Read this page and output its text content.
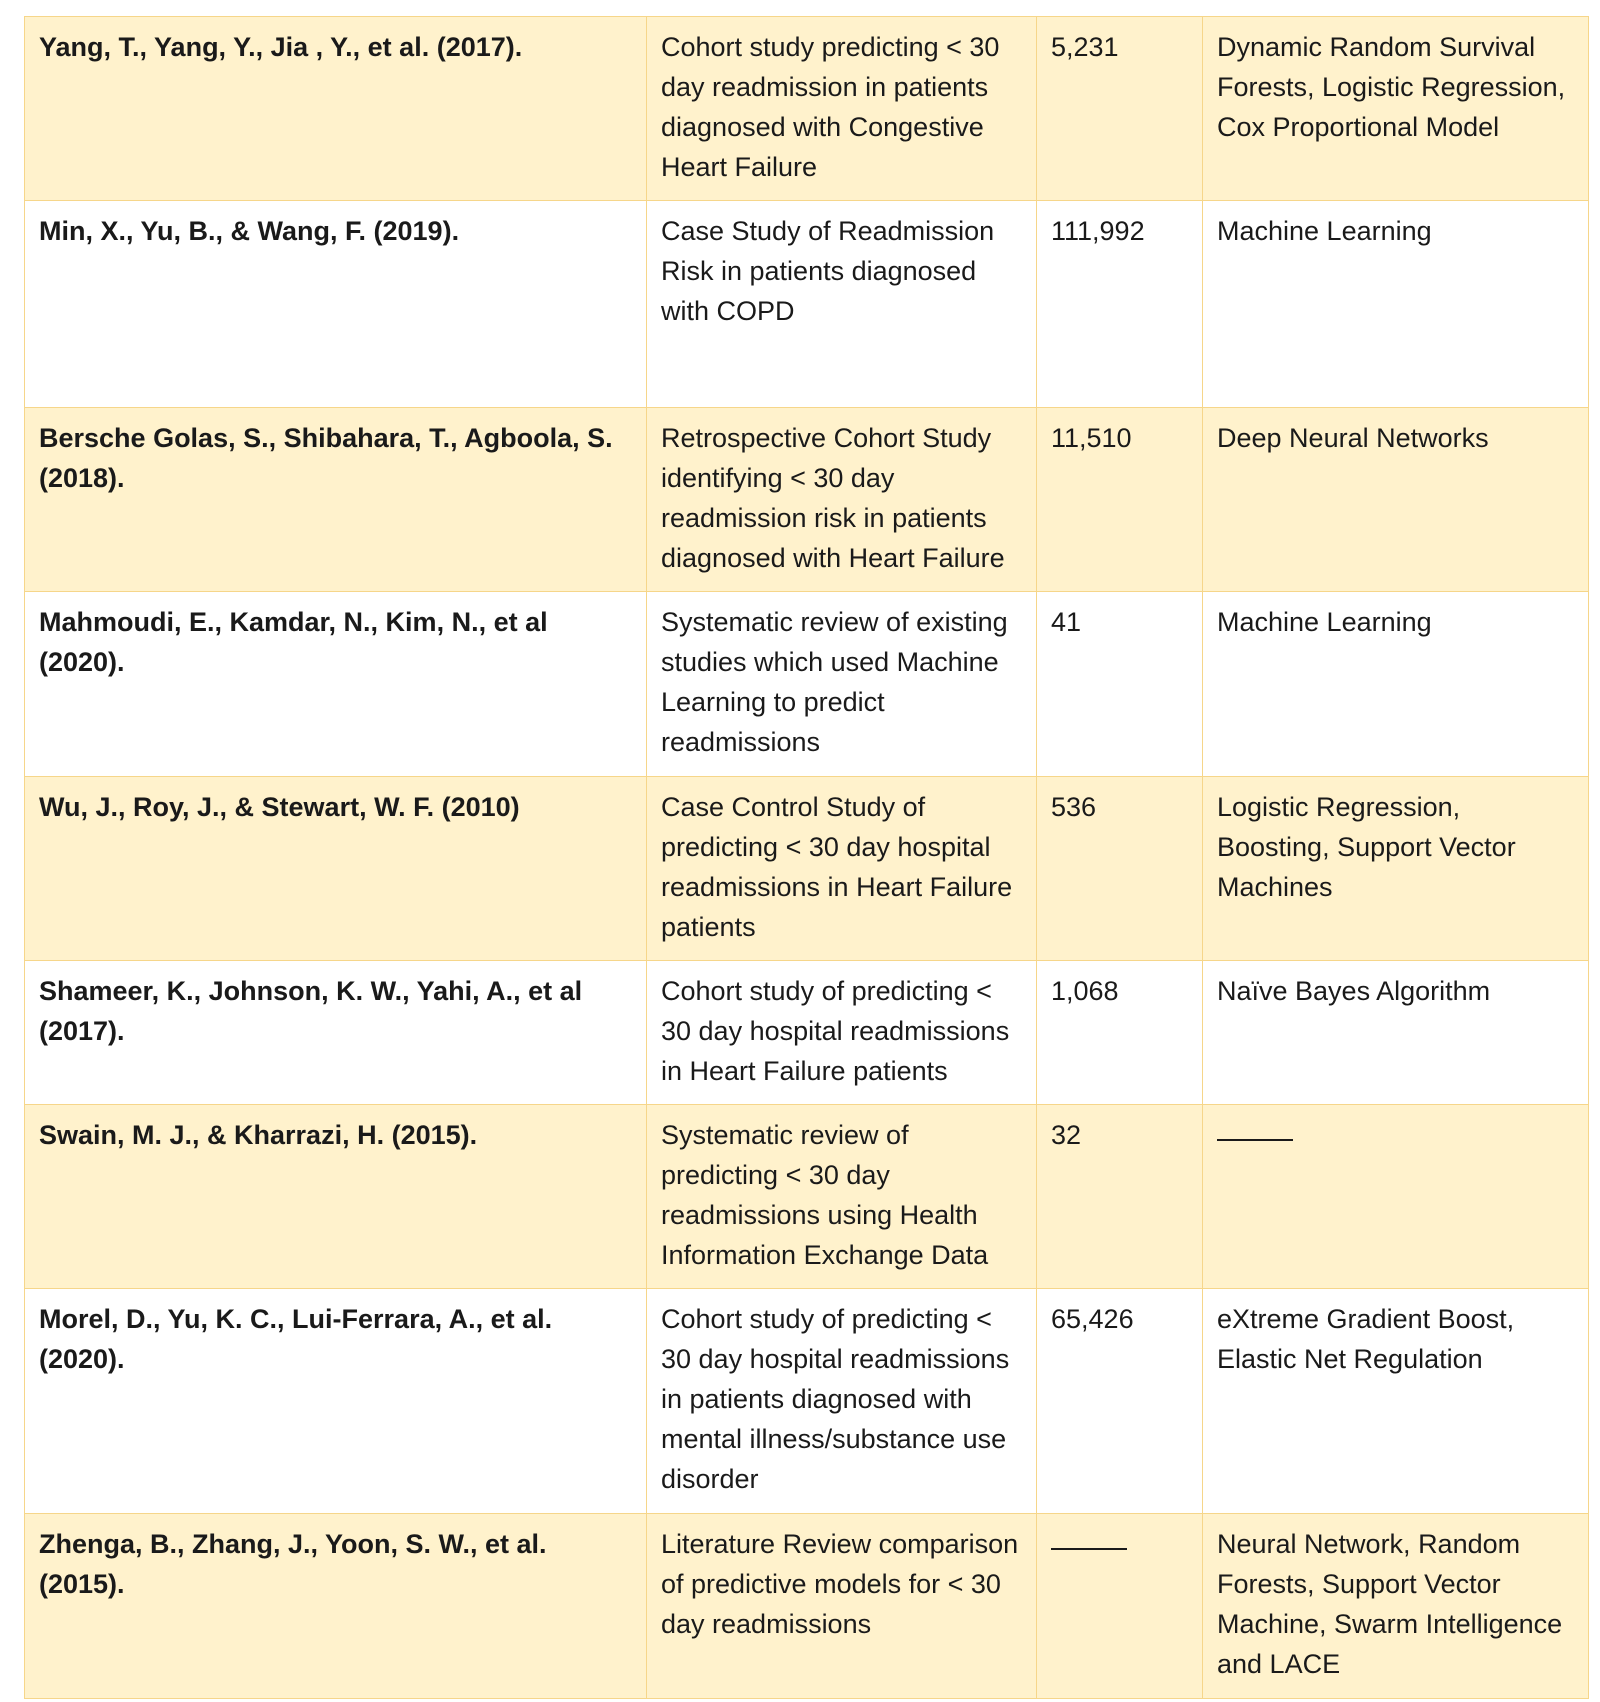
Yang, T., Yang, Y., Jia , Y., et al. (2017).	Cohort study predicting < 30 day readmission in patients diagnosed with Congestive Heart Failure	5,231	Dynamic Random Survival Forests, Logistic Regression, Cox Proportional Model
Min, X., Yu, B., & Wang, F. (2019).	Case Study of Readmission Risk in patients diagnosed with COPD	111,992	Machine Learning
Bersche Golas, S., Shibahara, T., Agboola, S. (2018).	Retrospective Cohort Study identifying < 30 day readmission risk in patients diagnosed with Heart Failure	11,510	Deep Neural Networks
Mahmoudi, E., Kamdar, N., Kim, N., et al (2020).	Systematic review of existing studies which used Machine Learning to predict readmissions	41	Machine Learning
Wu, J., Roy, J., & Stewart, W. F. (2010)	Case Control Study of predicting < 30 day hospital readmissions in Heart Failure patients	536	Logistic Regression, Boosting, Support Vector Machines
Shameer, K., Johnson, K. W., Yahi, A., et al (2017).	Cohort study of predicting < 30 day hospital readmissions in Heart Failure patients	1,068	Naïve Bayes Algorithm
Swain, M. J., & Kharrazi, H. (2015).	Systematic review of predicting < 30 day readmissions using Health Information Exchange Data	32	
Morel, D., Yu, K. C., Lui-Ferrara, A., et al. (2020).	Cohort study of predicting < 30 day hospital readmissions in patients diagnosed with mental illness/substance use disorder	65,426	eXtreme Gradient Boost, Elastic Net Regulation
Zhenga, B., Zhang, J., Yoon, S. W., et al. (2015).	Literature Review comparison of predictive models for < 30 day readmissions		Neural Network, Random Forests, Support Vector Machine, Swarm Intelligence and LACE
